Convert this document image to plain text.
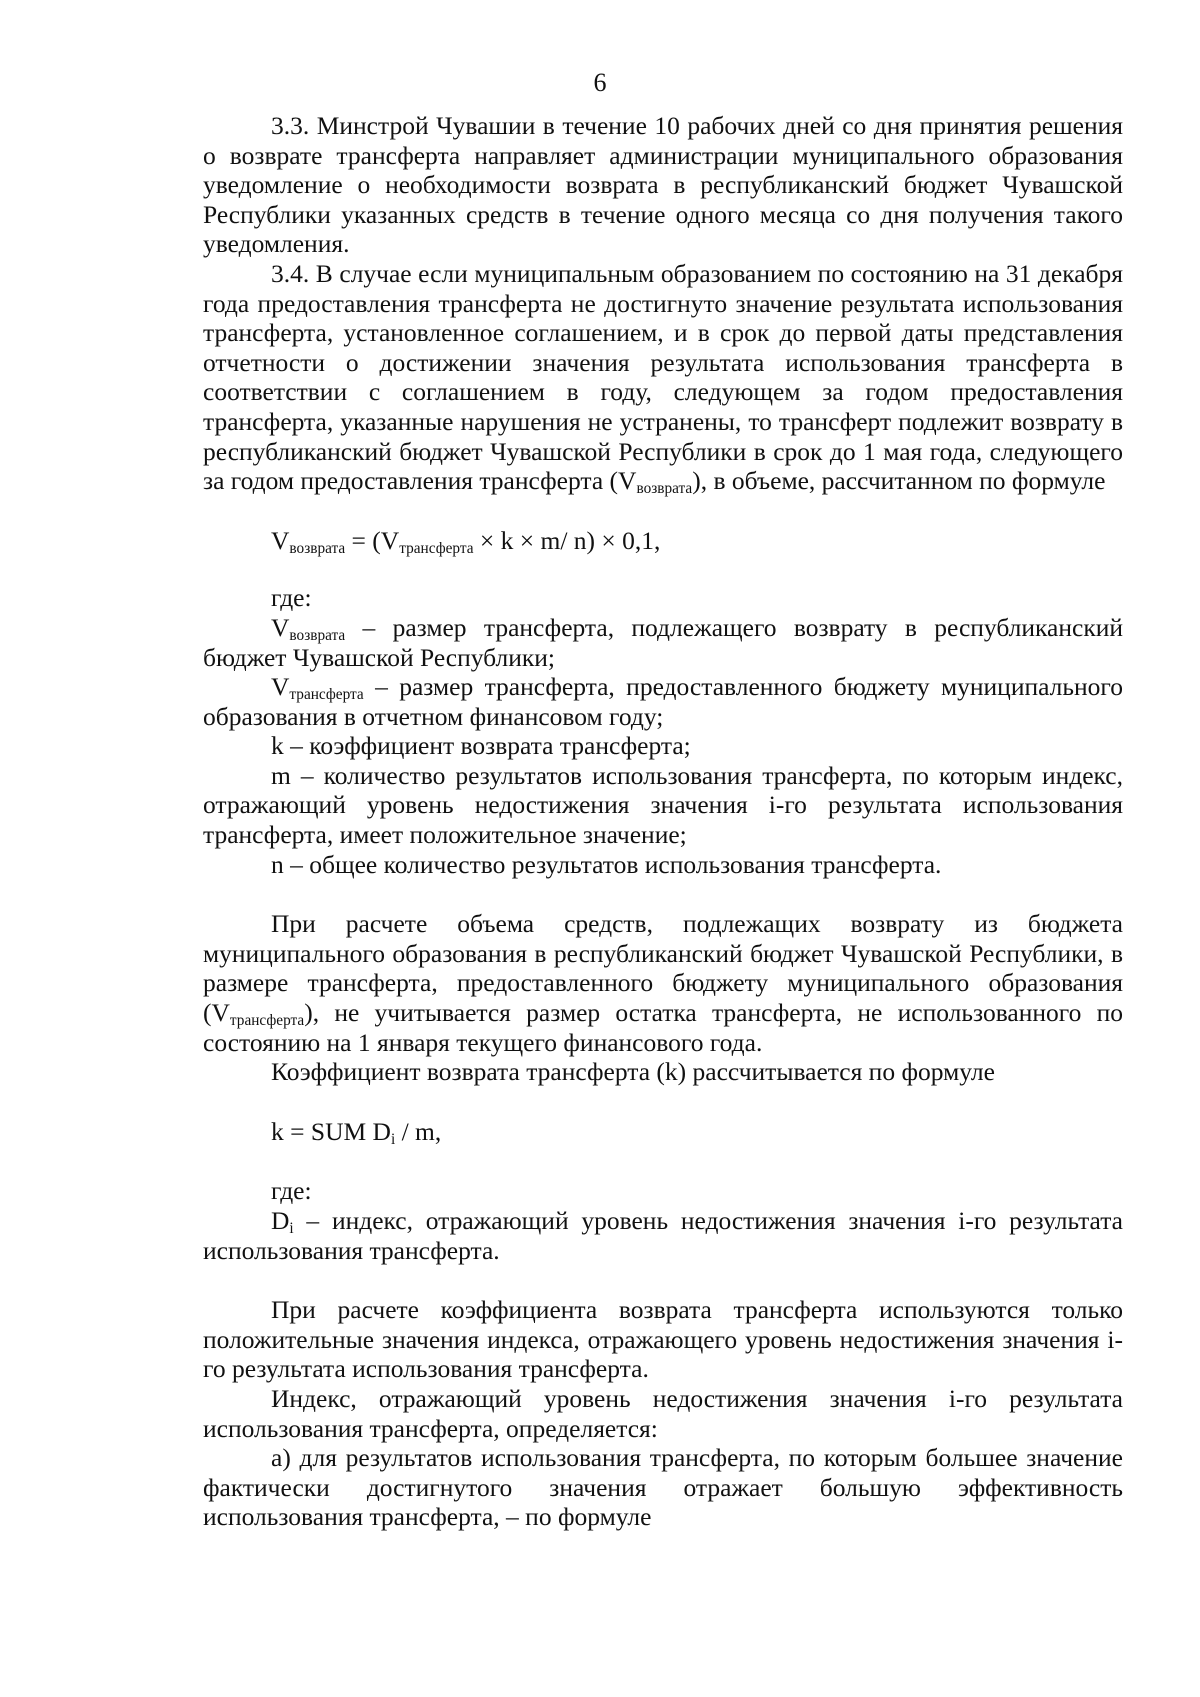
6

3.3. Минстрой Чувашии в течение 10 рабочих дней со дня принятия решения о возврате трансферта направляет администрации муниципального образования уведомление о необходимости возврата в республиканский бюджет Чувашской Республики указанных средств в течение одного месяца со дня получения такого уведомления.

3.4. В случае если муниципальным образованием по состоянию на 31 декабря года предоставления трансферта не достигнуто значение результата использования трансферта, установленное соглашением, и в срок до первой даты представления отчетности о достижении значения результата использования трансферта в соответствии с соглашением в году, следующем за годом предоставления трансферта, указанные нарушения не устранены, то трансферт подлежит возврату в республиканский бюджет Чувашской Республики в срок до 1 мая года, следующего за годом предоставления трансферта $(V_{возврата})$, в объеме, рассчитанном по формуле

$V_{возврата} = (V_{трансферта} \times k \times m/$ n) × 0,1,

где:

$V_{возврата}$ – размер трансферта, подлежащего возврату в республиканский бюджет Чувашской Республики;

$V_{трансферта}$ – размер трансферта, предоставленного бюджету муниципального образования в отчетном финансовом году;

k – коэффициент возврата трансферта;

m – количество результатов использования трансферта, по которым индекс, отражающий уровень недостижения значения i-го результата использования трансферта, имеет положительное значение;

n – общее количество результатов использования трансферта.

При расчете объема средств, подлежащих возврату из бюджета муниципального образования в республиканский бюджет Чувашской Республики, в размере трансферта, предоставленного бюджету муниципального образования $(V_{трансферта})$, не учитывается размер остатка трансферта, не использованного по состоянию на 1 января текущего финансового года.

Коэффициент возврата трансферта (k) рассчитывается по формуле

k = SUM $D_i$ / m,

где:

$D_i$ – индекс, отражающий уровень недостижения значения i-го результата использования трансферта.

При расчете коэффициента возврата трансферта используются только положительные значения индекса, отражающего уровень недостижения значения i-го результата использования трансферта.

Индекс, отражающий уровень недостижения значения i-го результата использования трансферта, определяется:

а) для результатов использования трансферта, по которым большее значение фактически достигнутого значения отражает большую эффективность использования трансферта, – по формуле
